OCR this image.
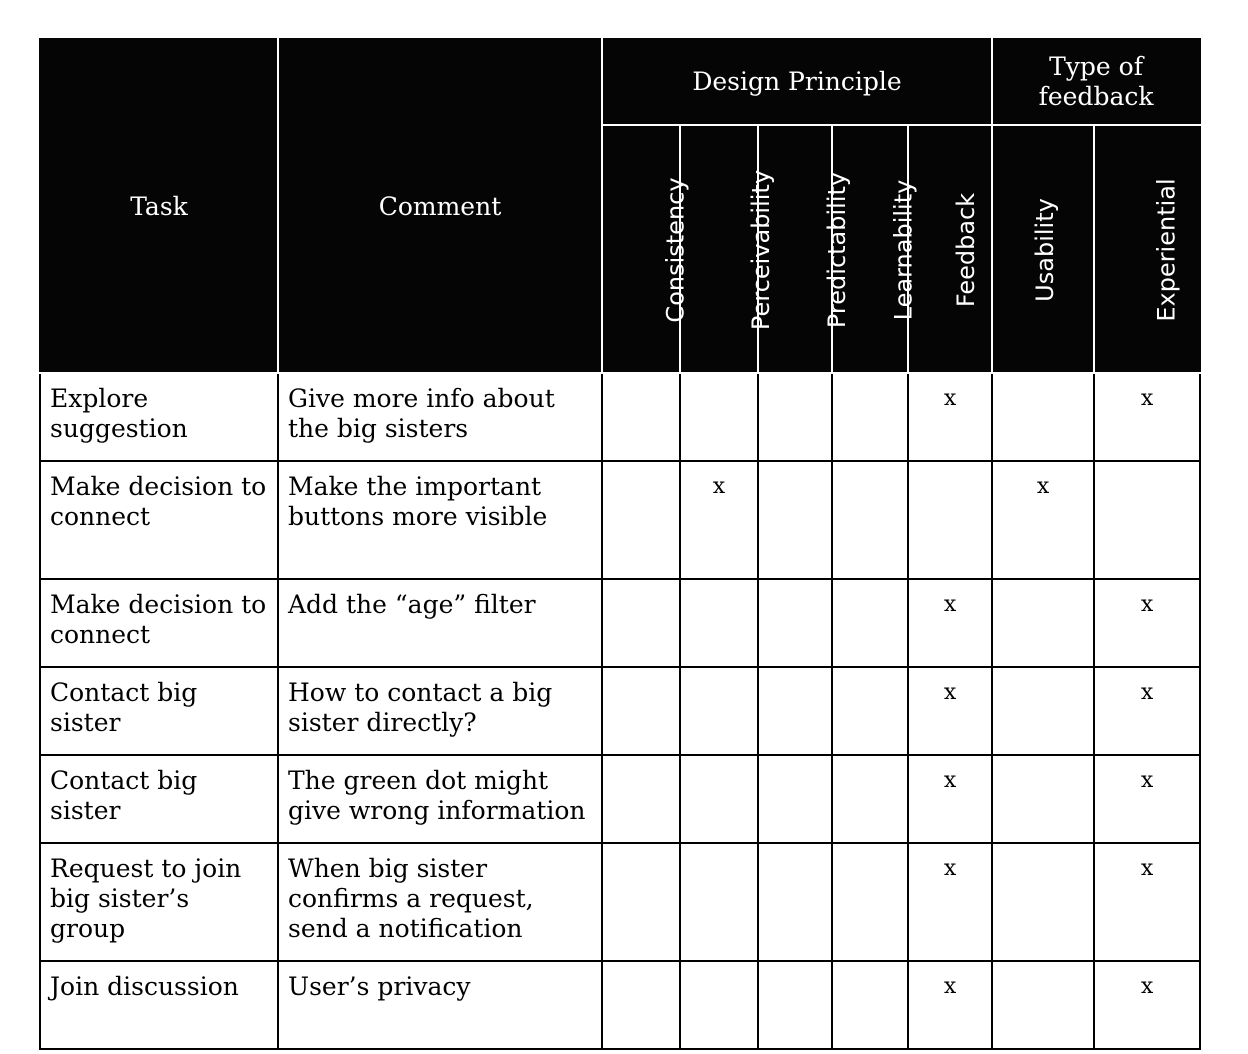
Task	Comment	Design Principle					Type of
feedback	
		Consistency	Perceivability	Predictability	Learnability	Feedback	Usability	Experiential
Explore suggestion	Give more info about the big sisters					x		x
Make decision to connect	Make the important buttons more visible		x				x	
Make decision to connect	Add the “age” filter					x		x
Contact big sister	How to contact a big sister directly?					x		x
Contact big sister	The green dot might give wrong information					x		x
Request to join big sister’s group	When big sister confirms a request, send a notification					x		x
Join discussion	User’s privacy					x		x
